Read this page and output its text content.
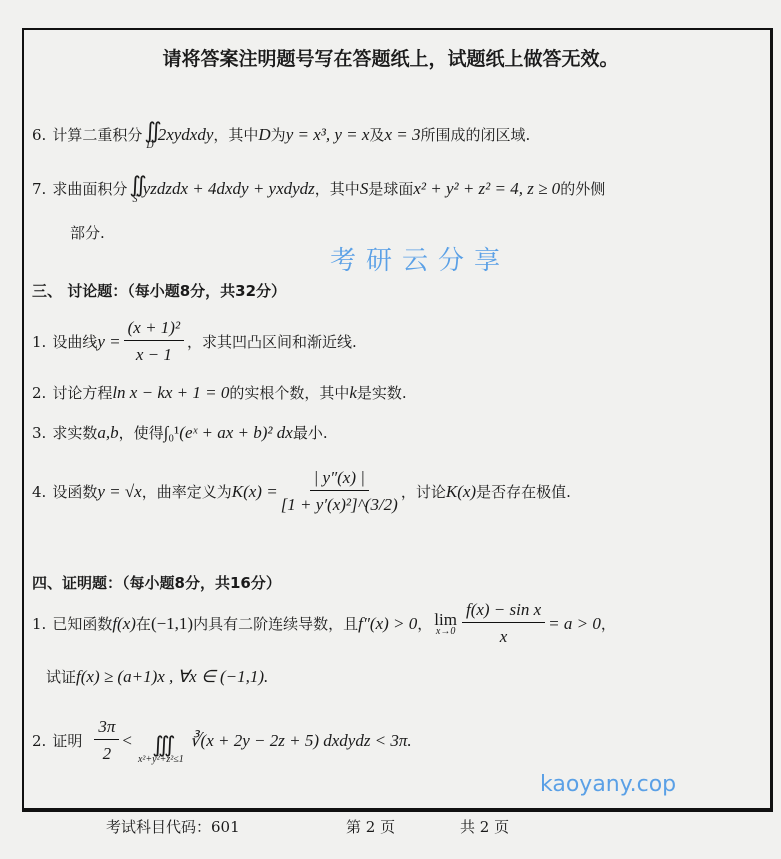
请将答案注明题号写在答题纸上，试题纸上做答无效。
6. 计算二重积分 ∬
D
2xydxdy ，其中 D 为 y = x³, y = x 及 x = 3 所围成的闭区域.
7. 求曲面积分 ∬
S
yzdzdx + 4dxdy + yxdydz ，其中 S 是球面 x² + y² + z² = 4, z ≥ 0 的外侧
部分.
考研云分享
三、 讨论题：（每小题8分，共32分）
1. 设曲线 $y = \frac{\text{(x + 1)²}}{x - 1}$ ，求其凹凸区间和渐近线.
2. 讨论方程 ln x − kx + 1 = 0 的实根个数，其中 k 是实数.
3. 求实数 a,b ，使得 ∫₀¹ (eˣ + ax + b)² dx 最小.
4. 设函数 y = √x ，曲率定义为 $K(x) = \frac{| y''(x) |}{\text{[1 + y′(x)²]\textasciicircum{}(3/2)}}$ ，讨论 K(x) 是否存在极值.
四、证明题：（每小题8分，共16分）
1. 已知函数 f(x) 在 (−1,1) 内具有二阶连续导数，且 f″(x) > 0 ， lim
$x\to 0 \frac{\text{f(x) − sin x}}{x} = a > 0$ ，
试证 f(x) ≥ (a+1)x , ∀x ∈ (−1,1).
2. 证明 $\frac{3\pi}{2}$ < ∭
x²+y²+z²≤1
∛(x + 2y − 2z + 5) dxdydz < 3π.
kaoyany.cop
考试科目代码：601	第 2 页	共 2 页
